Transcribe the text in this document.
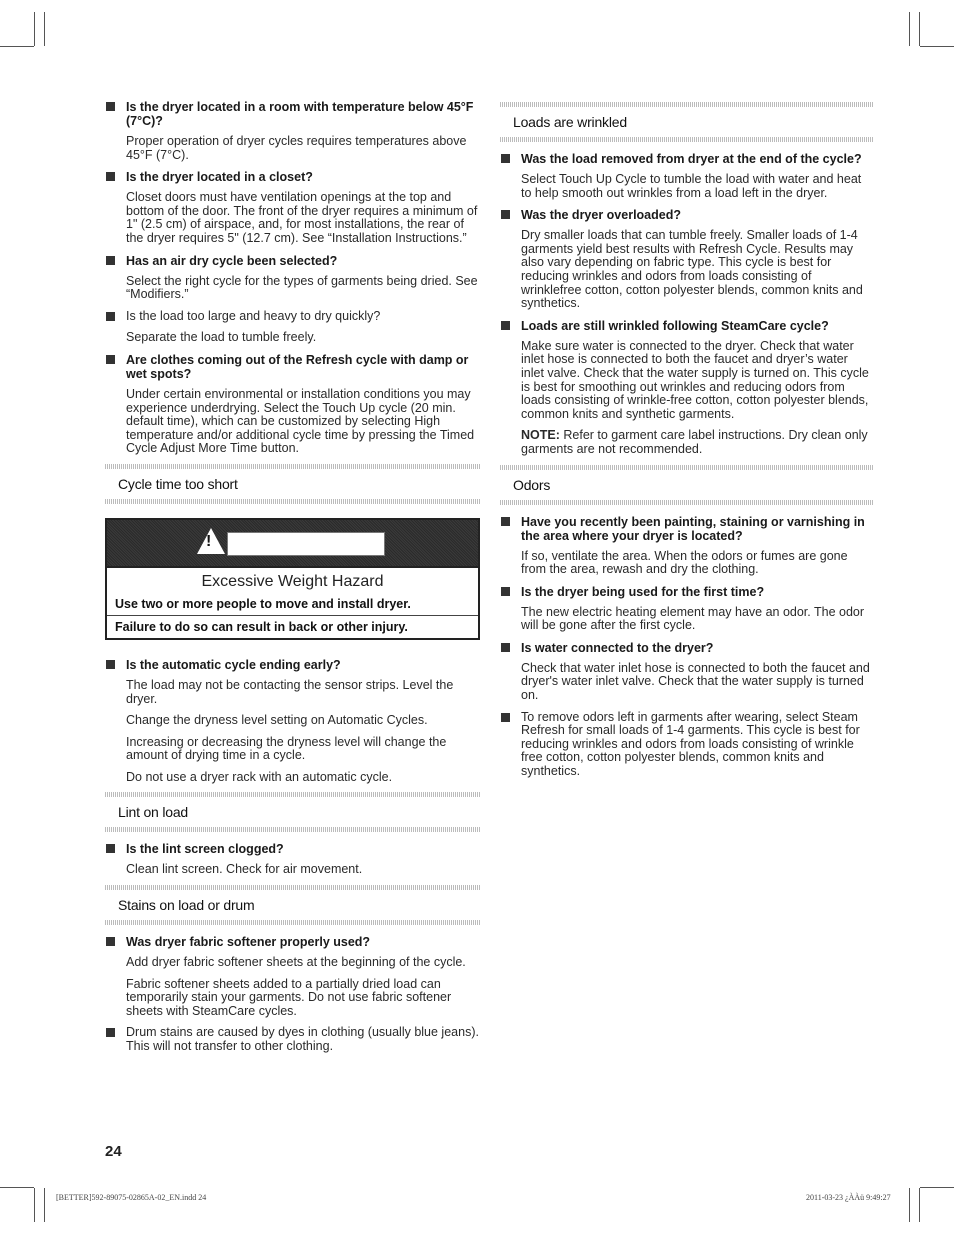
Is the dryer located in a room with temperature below 45°F (7°C)?
Proper operation of dryer cycles requires temperatures above 45°F (7°C).
Is the dryer located in a closet?
Closet doors must have ventilation openings at the top and bottom of the door. The front of the dryer requires a minimum of 1" (2.5 cm) of airspace, and, for most installations, the rear of the dryer requires 5" (12.7 cm). See “Installation Instructions.”
Has an air dry cycle been selected?
Select the right cycle for the types of garments being dried. See “Modifiers.”
Is the load too large and heavy to dry quickly?
Separate the load to tumble freely.
Are clothes coming out of the Refresh cycle with damp or wet spots?
Under certain environmental or installation conditions you may experience underdrying. Select the Touch Up cycle (20 min. default time), which can be customized by selecting High temperature and/or additional cycle time by pressing the Timed Cycle Adjust More Time button.
Cycle time too short
!
Excessive Weight Hazard
Use two or more people to move and install dryer.
Failure to do so can result in back or other injury.
Is the automatic cycle ending early?
The load may not be contacting the sensor strips. Level the dryer.
Change the dryness level setting on Automatic Cycles.
Increasing or decreasing the dryness level will change the amount of drying time in a cycle.
Do not use a dryer rack with an automatic cycle.
Lint on load
Is the lint screen clogged?
Clean lint screen. Check for air movement.
Stains on load or drum
Was dryer fabric softener properly used?
Add dryer fabric softener sheets at the beginning of the cycle.
Fabric softener sheets added to a partially dried load can temporarily stain your garments. Do not use fabric softener sheets with SteamCare cycles.
Drum stains are caused by dyes in clothing (usually blue jeans). This will not transfer to other clothing.
Loads are wrinkled
Was the load removed from dryer at the end of the cycle?
Select Touch Up Cycle to tumble the load with water and heat to help smooth out wrinkles from a load left in the dryer.
Was the dryer overloaded?
Dry smaller loads that can tumble freely. Smaller loads of 1-4 garments yield best results with Refresh Cycle. Results may also vary depending on fabric type. This cycle is best for reducing wrinkles and odors from loads consisting of wrinklefree cotton, cotton polyester blends, common knits and synthetics.
Loads are still wrinkled following SteamCare cycle?
Make sure water is connected to the dryer. Check that water inlet hose is connected to both the faucet and dryer’s water inlet valve. Check that the water supply is turned on. This cycle is best for smoothing out wrinkles and reducing odors from loads consisting of wrinkle-free cotton, cotton polyester blends, common knits and synthetic garments.
NOTE: Refer to garment care label instructions. Dry clean only garments are not recommended.
Odors
Have you recently been painting, staining or varnishing in the area where your dryer is located?
If so, ventilate the area. When the odors or fumes are gone from the area, rewash and dry the clothing.
Is the dryer being used for the first time?
The new electric heating element may have an odor. The odor will be gone after the first cycle.
Is water connected to the dryer?
Check that water inlet hose is connected to both the faucet and dryer's water inlet valve. Check that the water supply is turned on.
To remove odors left in garments after wearing, select Steam Refresh for small loads of 1-4 garments. This cycle is best for reducing wrinkles and odors from loads consisting of wrinkle free cotton, cotton polyester blends, common knits and synthetics.
24
[BETTER]592-89075-02865A-02_EN.indd 24	2011-03-23 ¿ÀÀü 9:49:27
